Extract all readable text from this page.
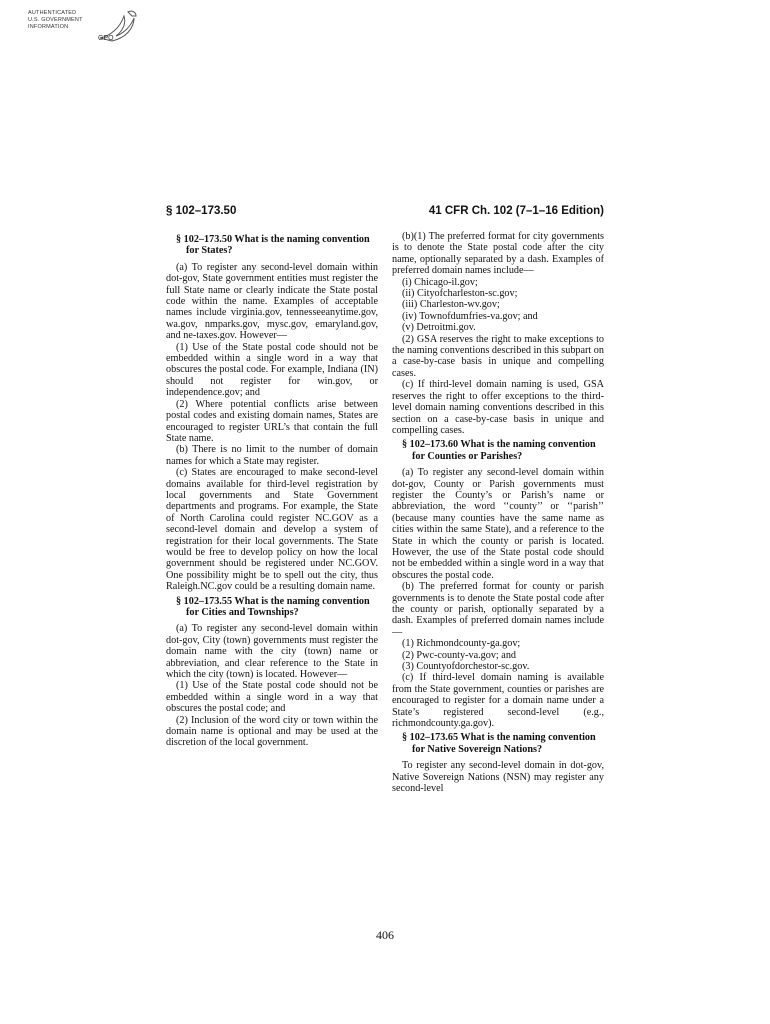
AUTHENTICATED
U.S. GOVERNMENT
INFORMATION
GPO
§ 102–173.50	41 CFR Ch. 102 (7–1–16 Edition)

§ 102–173.50 What is the naming convention for States?

(a) To register any second-level domain within dot-gov, State government entities must register the full State name or clearly indicate the State postal code within the name. Examples of acceptable names include virginia.gov, tennesseeanytime.gov, wa.gov, nmparks.gov, mysc.gov, emaryland.gov, and ne-taxes.gov. However—

(1) Use of the State postal code should not be embedded within a single word in a way that obscures the postal code. For example, Indiana (IN) should not register for win.gov, or independence.gov; and

(2) Where potential conflicts arise between postal codes and existing domain names, States are encouraged to register URL’s that contain the full State name.

(b) There is no limit to the number of domain names for which a State may register.

(c) States are encouraged to make second-level domains available for third-level registration by local governments and State Government departments and programs. For example, the State of North Carolina could register NC.GOV as a second-level domain and develop a system of registration for their local governments. The State would be free to develop policy on how the local government should be registered under NC.GOV. One possibility might be to spell out the city, thus Raleigh.NC.gov could be a resulting domain name.

§ 102–173.55 What is the naming convention for Cities and Townships?

(a) To register any second-level domain within dot-gov, City (town) governments must register the domain name with the city (town) name or abbreviation, and clear reference to the State in which the city (town) is located. However—

(1) Use of the State postal code should not be embedded within a single word in a way that obscures the postal code; and

(2) Inclusion of the word city or town within the domain name is optional and may be used at the discretion of the local government.

(b)(1) The preferred format for city governments is to denote the State postal code after the city name, optionally separated by a dash. Examples of preferred domain names include—

(i) Chicago-il.gov;

(ii) Cityofcharleston-sc.gov;

(iii) Charleston-wv.gov;

(iv) Townofdumfries-va.gov; and

(v) Detroitmi.gov.

(2) GSA reserves the right to make exceptions to the naming conventions described in this subpart on a case-by-case basis in unique and compelling cases.

(c) If third-level domain naming is used, GSA reserves the right to offer exceptions to the third-level domain naming conventions described in this section on a case-by-case basis in unique and compelling cases.

§ 102–173.60 What is the naming convention for Counties or Parishes?

(a) To register any second-level domain within dot-gov, County or Parish governments must register the County’s or Parish’s name or abbreviation, the word ‘‘county’’ or ‘‘parish’’ (because many counties have the same name as cities within the same State), and a reference to the State in which the county or parish is located. However, the use of the State postal code should not be embedded within a single word in a way that obscures the postal code.

(b) The preferred format for county or parish governments is to denote the State postal code after the county or parish, optionally separated by a dash. Examples of preferred domain names include—

(1) Richmondcounty-ga.gov;

(2) Pwc-county-va.gov; and

(3) Countyofdorchestor-sc.gov.

(c) If third-level domain naming is available from the State government, counties or parishes are encouraged to register for a domain name under a State’s registered second-level (e.g., richmondcounty.ga.gov).

§ 102–173.65 What is the naming convention for Native Sovereign Nations?

To register any second-level domain in dot-gov, Native Sovereign Nations (NSN) may register any second-level

406
